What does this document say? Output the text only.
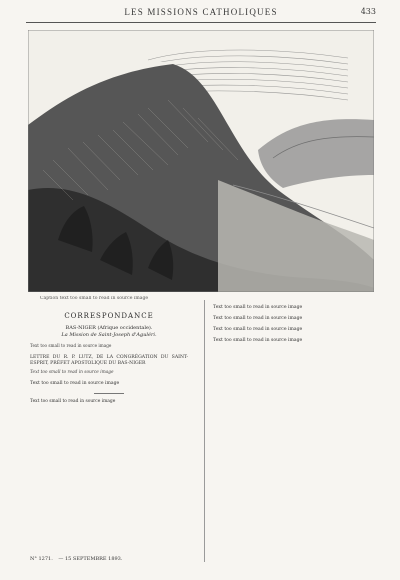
LES MISSIONS CATHOLIQUES	433
Caption text too small to read in source image
CORRESPONDANCE
BAS-NIGER (Afrique occidentale).
La Mission de Saint-Joseph d'Aguléri.
Text too small to read in source image
LETTRE DU R. P. LUTZ, DE LA CONGRÉGATION DU SAINT-ESPRIT, PRÉFET APOSTOLIQUE DU BAS-NIGER
Text too small to read in source image
Text too small to read in source image
Text too small to read in source image
Text too small to read in source image
Text too small to read in source image
Text too small to read in source image
Text too small to read in source image
N° 1271. — 15 SEPTEMBRE 1893.
